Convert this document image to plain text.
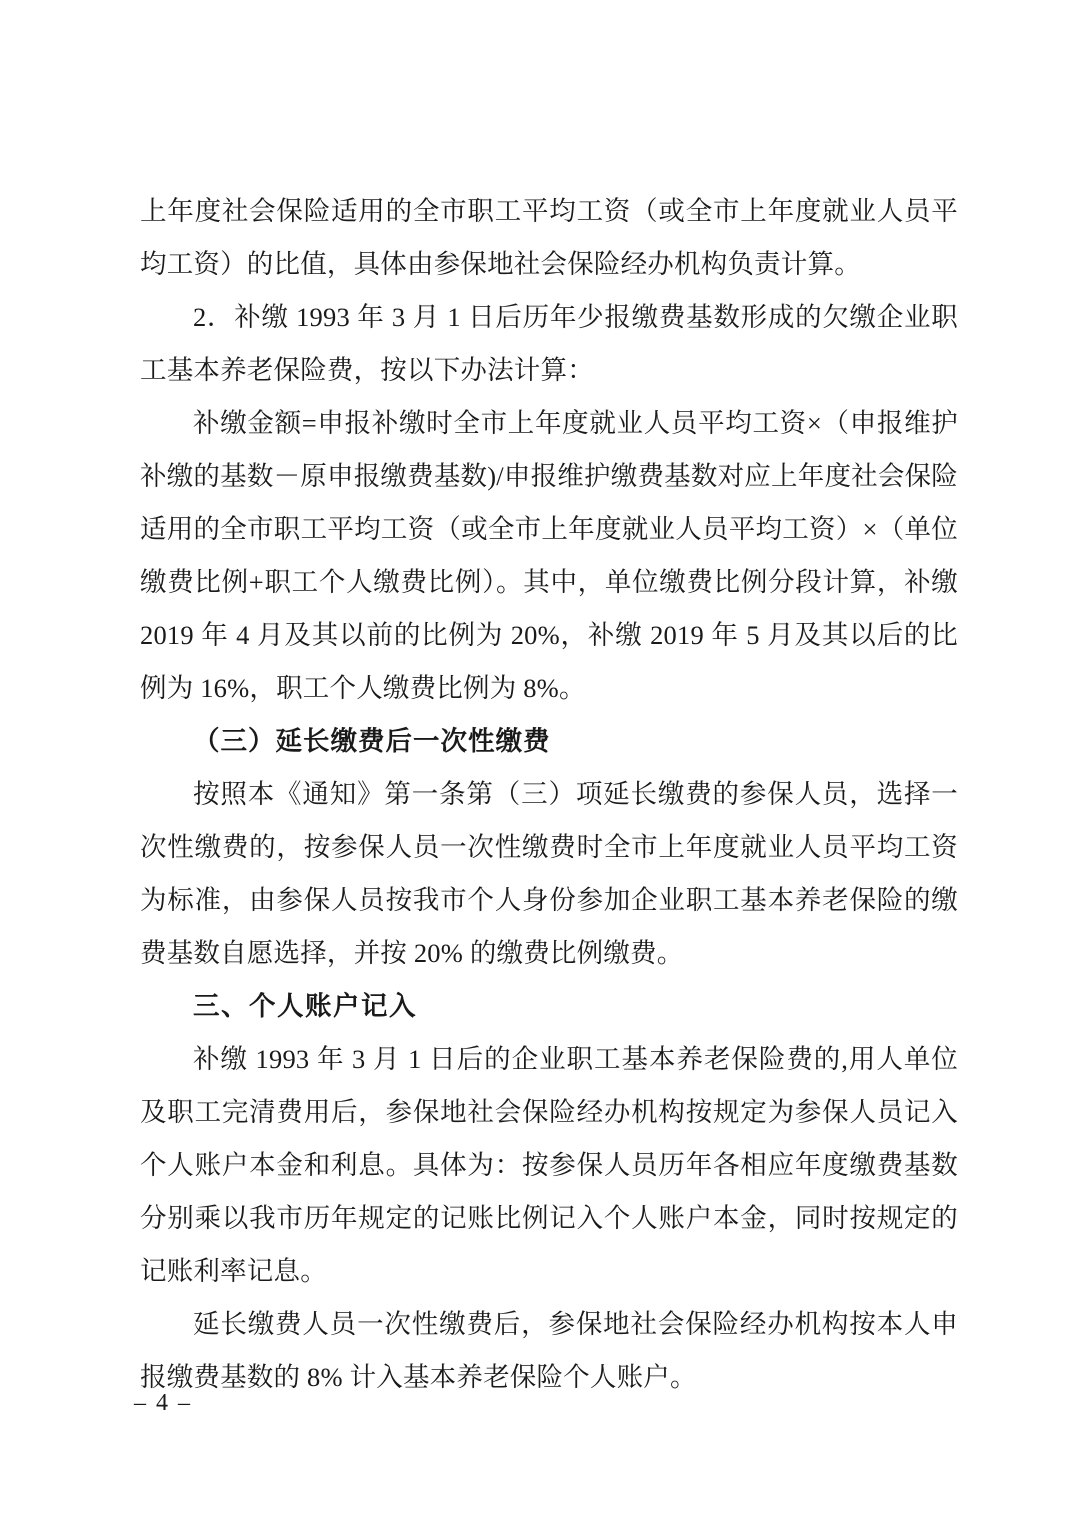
上年度社会保险适用的全市职工平均工资（或全市上年度就业人员平均工资）的比值，具体由参保地社会保险经办机构负责计算。

2．补缴 1993 年 3 月 1 日后历年少报缴费基数形成的欠缴企业职工基本养老保险费，按以下办法计算：

补缴金额=申报补缴时全市上年度就业人员平均工资×（申报维护补缴的基数－原申报缴费基数)/申报维护缴费基数对应上年度社会保险适用的全市职工平均工资（或全市上年度就业人员平均工资）×（单位缴费比例+职工个人缴费比例）。其中，单位缴费比例分段计算，补缴 2019 年 4 月及其以前的比例为 20%，补缴 2019 年 5 月及其以后的比例为 16%，职工个人缴费比例为 8%。

（三）延长缴费后一次性缴费

按照本《通知》第一条第（三）项延长缴费的参保人员，选择一次性缴费的，按参保人员一次性缴费时全市上年度就业人员平均工资为标准，由参保人员按我市个人身份参加企业职工基本养老保险的缴费基数自愿选择，并按 20% 的缴费比例缴费。

三、个人账户记入

补缴 1993 年 3 月 1 日后的企业职工基本养老保险费的,用人单位及职工完清费用后，参保地社会保险经办机构按规定为参保人员记入个人账户本金和利息。具体为：按参保人员历年各相应年度缴费基数分别乘以我市历年规定的记账比例记入个人账户本金，同时按规定的记账利率记息。

延长缴费人员一次性缴费后，参保地社会保险经办机构按本人申报缴费基数的 8% 计入基本养老保险个人账户。

– 4 –
